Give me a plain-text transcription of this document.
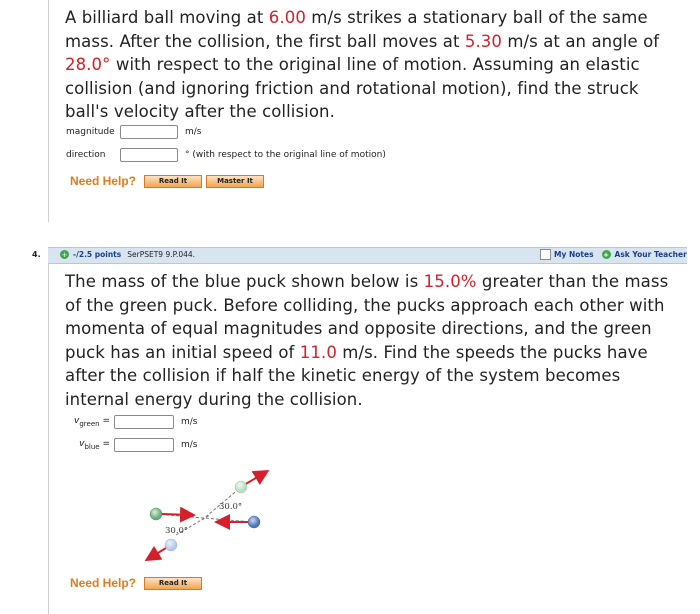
A billiard ball moving at 6.00 m/s strikes a stationary ball of the same mass. After the collision, the first ball moves at 5.30 m/s at an angle of 28.0° with respect to the original line of motion. Assuming an elastic collision (and ignoring friction and rotational motion), find the struck ball's velocity after the collision.
magnitude	m/s
direction	° (with respect to the original line of motion)
Need Help?	Read It	Master It
4.	+ -/2.5 points SerPSET9 9.P.044.	My Notes + Ask Your Teacher
The mass of the blue puck shown below is 15.0% greater than the mass of the green puck. Before colliding, the pucks approach each other with momenta of equal magnitudes and opposite directions, and the green puck has an initial speed of 11.0 m/s. Find the speeds the pucks have after the collision if half the kinetic energy of the system becomes internal energy during the collision.
$v_{green}$ =	m/s
$v_{blue}$ =	m/s
30.0°
30.0°
Need Help?	Read It
